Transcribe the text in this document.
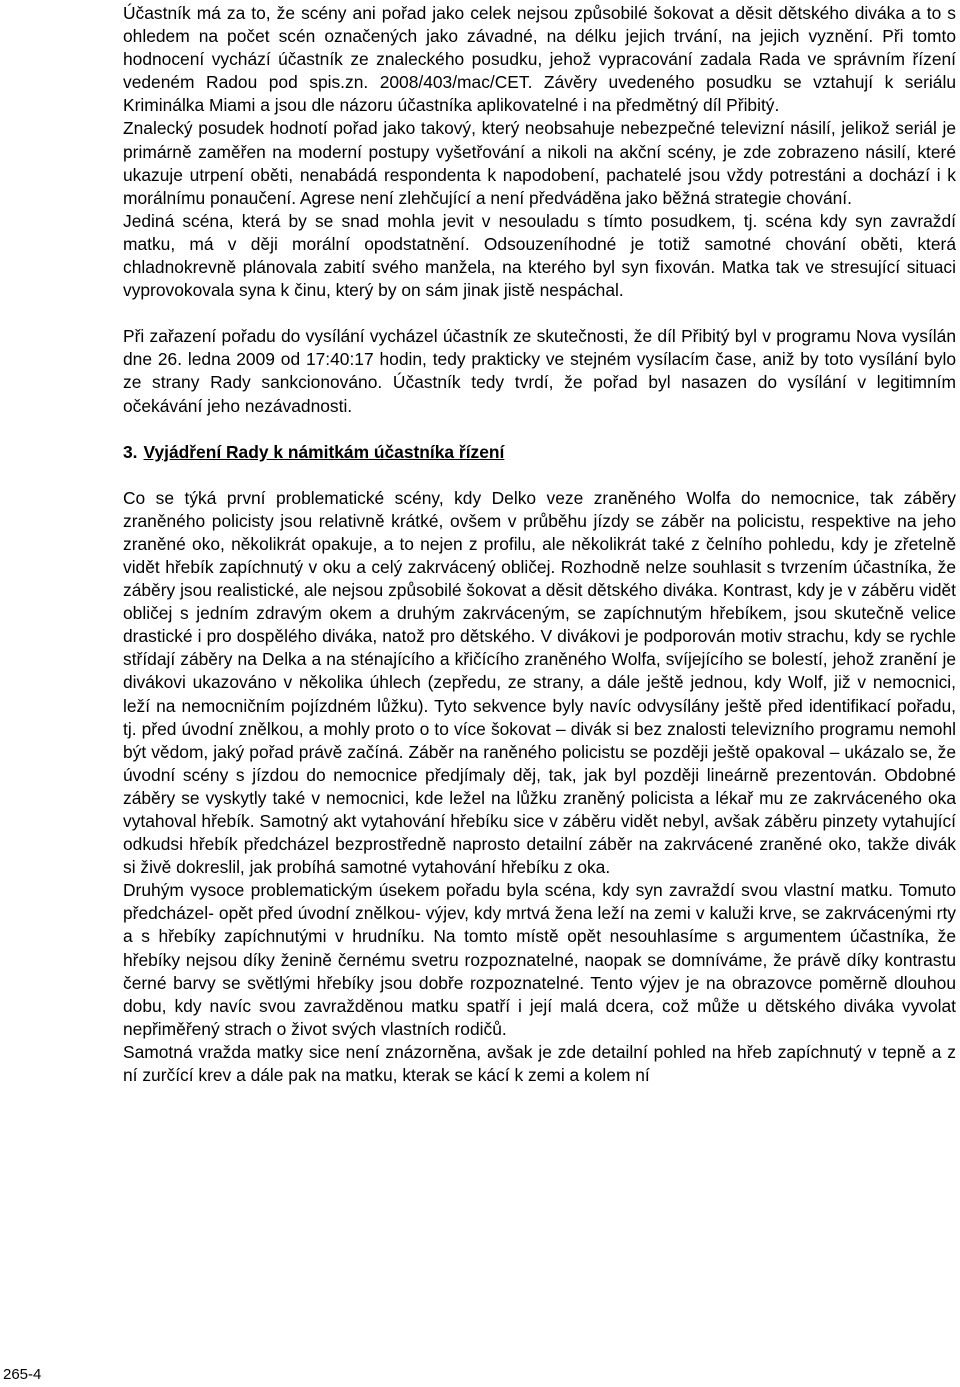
Účastník má za to, že scény ani pořad jako celek nejsou způsobilé šokovat a děsit dětského diváka a to s ohledem na počet scén označených jako závadné, na délku jejich trvání, na jejich vyznění. Při tomto hodnocení vychází účastník ze znaleckého posudku, jehož vypracování zadala Rada ve správním řízení vedeném Radou pod spis.zn. 2008/403/mac/CET. Závěry uvedeného posudku se vztahují k seriálu Kriminálka Miami a jsou dle názoru účastníka aplikovatelné i na předmětný díl Přibitý.

Znalecký posudek hodnotí pořad jako takový, který neobsahuje nebezpečné televizní násilí, jelikož seriál je primárně zaměřen na moderní postupy vyšetřování a nikoli na akční scény, je zde zobrazeno násilí, které ukazuje utrpení oběti, nenabádá respondenta k napodobení, pachatelé jsou vždy potrestáni a dochází i k morálnímu ponaučení. Agrese není zlehčující a není předváděna jako běžná strategie chování.

Jediná scéna, která by se snad mohla jevit v nesouladu s tímto posudkem, tj. scéna kdy syn zavraždí matku, má v ději morální opodstatnění. Odsouzeníhodné je totiž samotné chování oběti, která chladnokrevně plánovala zabití svého manžela, na kterého byl syn fixován. Matka tak ve stresující situaci vyprovokovala syna k činu, který by on sám jinak jistě nespáchal.

Při zařazení pořadu do vysílání vycházel účastník ze skutečnosti, že díl Přibitý byl v programu Nova vysílán dne 26. ledna 2009 od 17:40:17 hodin, tedy prakticky ve stejném vysílacím čase, aniž by toto vysílání bylo ze strany Rady sankcionováno. Účastník tedy tvrdí, že pořad byl nasazen do vysílání v legitimním očekávání jeho nezávadnosti.

3. Vyjádření Rady k námitkám účastníka řízení

Co se týká první problematické scény, kdy Delko veze zraněného Wolfa do nemocnice, tak záběry zraněného policisty jsou relativně krátké, ovšem v průběhu jízdy se záběr na policistu, respektive na jeho zraněné oko, několikrát opakuje, a to nejen z profilu, ale několikrát také z čelního pohledu, kdy je zřetelně vidět hřebík zapíchnutý v oku a celý zakrvácený obličej. Rozhodně nelze souhlasit s tvrzením účastníka, že záběry jsou realistické, ale nejsou způsobilé šokovat a děsit dětského diváka. Kontrast, kdy je v záběru vidět obličej s jedním zdravým okem a druhým zakrváceným, se zapíchnutým hřebíkem, jsou skutečně velice drastické i pro dospělého diváka, natož pro dětského. V divákovi je podporován motiv strachu, kdy se rychle střídají záběry na Delka a na sténajícího a křičícího zraněného Wolfa, svíjejícího se bolestí, jehož zranění je divákovi ukazováno v několika úhlech (zepředu, ze strany, a dále ještě jednou, kdy Wolf, již v nemocnici, leží na nemocničním pojízdném lůžku). Tyto sekvence byly navíc odvysílány ještě před identifikací pořadu, tj. před úvodní znělkou, a mohly proto o to více šokovat – divák si bez znalosti televizního programu nemohl být vědom, jaký pořad právě začíná. Záběr na raněného policistu se později ještě opakoval – ukázalo se, že úvodní scény s jízdou do nemocnice předjímaly děj, tak, jak byl později lineárně prezentován. Obdobné záběry se vyskytly také v nemocnici, kde ležel na lůžku zraněný policista a lékař mu ze zakrváceného oka vytahoval hřebík. Samotný akt vytahování hřebíku sice v záběru vidět nebyl, avšak záběru pinzety vytahující odkudsi hřebík předcházel bezprostředně naprosto detailní záběr na zakrvácené zraněné oko, takže divák si živě dokreslil, jak probíhá samotné vytahování hřebíku z oka.

Druhým vysoce problematickým úsekem pořadu byla scéna, kdy syn zavraždí svou vlastní matku. Tomuto předcházel- opět před úvodní znělkou- výjev, kdy mrtvá žena leží na zemi v kaluži krve, se zakrvácenými rty a s hřebíky zapíchnutými v hrudníku. Na tomto místě opět nesouhlasíme s argumentem účastníka, že hřebíky nejsou díky ženině černému svetru rozpoznatelné, naopak se domníváme, že právě díky kontrastu černé barvy se světlými hřebíky jsou dobře rozpoznatelné. Tento výjev je na obrazovce poměrně dlouhou dobu, kdy navíc svou zavražděnou matku spatří i její malá dcera, což může u dětského diváka vyvolat nepřiměřený strach o život svých vlastních rodičů.

Samotná vražda matky sice není znázorněna, avšak je zde detailní pohled na hřeb zapíchnutý v tepně a z ní zurčící krev a dále pak na matku, kterak se kácí k zemi a kolem ní

265-4
